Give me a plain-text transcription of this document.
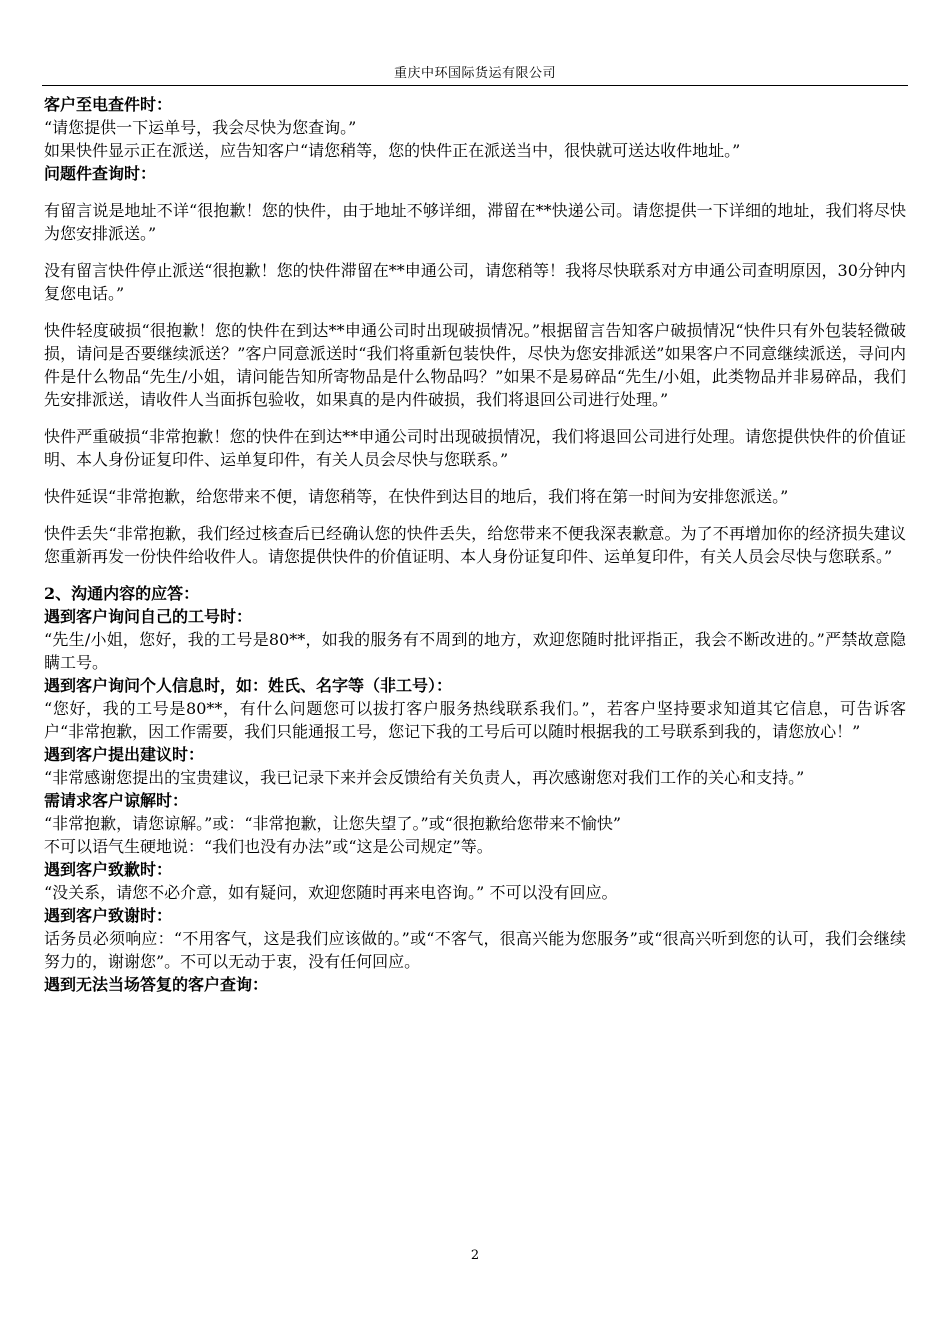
重庆中环国际货运有限公司

客户至电查件时：

“请您提供一下运单号，我会尽快为您查询。”

如果快件显示正在派送，应告知客户“请您稍等，您的快件正在派送当中，很快就可送达收件地址。”

问题件查询时：

有留言说是地址不详“很抱歉！您的快件，由于地址不够详细，滞留在**快递公司。请您提供一下详细的地址，我们将尽快为您安排派送。”

没有留言快件停止派送“很抱歉！您的快件滞留在**申通公司，请您稍等！我将尽快联系对方申通公司查明原因，30分钟内复您电话。”

快件轻度破损“很抱歉！您的快件在到达**申通公司时出现破损情况。”根据留言告知客户破损情况“快件只有外包装轻微破损，请问是否要继续派送？”客户同意派送时“我们将重新包装快件，尽快为您安排派送”如果客户不同意继续派送，寻问内件是什么物品“先生/小姐，请问能告知所寄物品是什么物品吗？”如果不是易碎品“先生/小姐，此类物品并非易碎品，我们先安排派送，请收件人当面拆包验收，如果真的是内件破损，我们将退回公司进行处理。”

快件严重破损“非常抱歉！您的快件在到达**申通公司时出现破损情况，我们将退回公司进行处理。请您提供快件的价值证明、本人身份证复印件、运单复印件，有关人员会尽快与您联系。”

快件延误“非常抱歉，给您带来不便，请您稍等，在快件到达目的地后，我们将在第一时间为安排您派送。”

快件丢失“非常抱歉，我们经过核查后已经确认您的快件丢失，给您带来不便我深表歉意。为了不再增加你的经济损失建议您重新再发一份快件给收件人。请您提供快件的价值证明、本人身份证复印件、运单复印件，有关人员会尽快与您联系。”

2、沟通内容的应答：

遇到客户询问自己的工号时：

“先生/小姐，您好，我的工号是80**，如我的服务有不周到的地方，欢迎您随时批评指正，我会不断改进的。”严禁故意隐瞒工号。

遇到客户询问个人信息时，如：姓氏、名字等（非工号）：

“您好，我的工号是80**，有什么问题您可以拔打客户服务热线联系我们。”，若客户坚持要求知道其它信息，可告诉客户“非常抱歉，因工作需要，我们只能通报工号，您记下我的工号后可以随时根据我的工号联系到我的，请您放心！”

遇到客户提出建议时：

“非常感谢您提出的宝贵建议，我已记录下来并会反馈给有关负责人，再次感谢您对我们工作的关心和支持。”

需请求客户谅解时：

“非常抱歉，请您谅解。”或：“非常抱歉，让您失望了。”或“很抱歉给您带来不愉快”

不可以语气生硬地说：“我们也没有办法”或“这是公司规定”等。

遇到客户致歉时：

“没关系，请您不必介意，如有疑问，欢迎您随时再来电咨询。” 不可以没有回应。

遇到客户致谢时：

话务员必须响应：“不用客气，这是我们应该做的。”或“不客气，很高兴能为您服务”或“很高兴听到您的认可，我们会继续努力的，谢谢您”。不可以无动于衷，没有任何回应。

遇到无法当场答复的客户查询：

2
